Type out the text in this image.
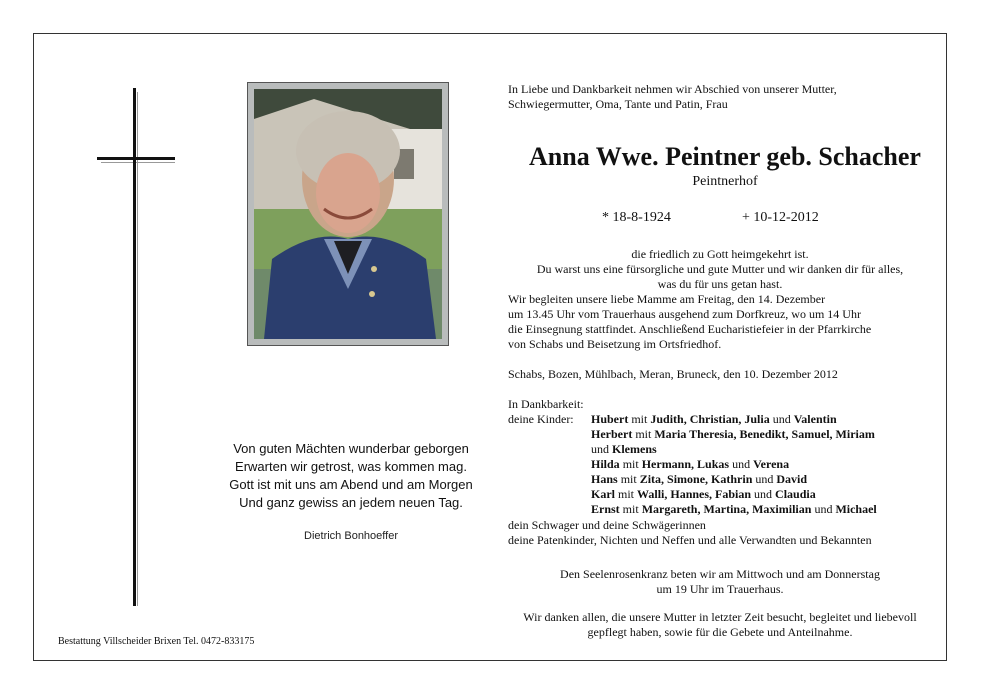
Von guten Mächten wunderbar geborgen
Erwarten wir getrost, was kommen mag.
Gott ist mit uns am Abend und am Morgen
Und ganz gewiss an jedem neuen Tag.
Dietrich Bonhoeffer
Bestattung Villscheider Brixen Tel. 0472-833175
In Liebe und Dankbarkeit nehmen wir Abschied von unserer Mutter,
Schwiegermutter, Oma, Tante und Patin, Frau
Anna Wwe. Peintner geb. Schacher
Peintnerhof
* 18-8-1924	+ 10-12-2012
die friedlich zu Gott heimgekehrt ist.
Du warst uns eine fürsorgliche und gute Mutter und wir danken dir für alles,
was du für uns getan hast.
Wir begleiten unsere liebe Mamme am Freitag, den 14. Dezember
um 13.45 Uhr vom Trauerhaus ausgehend zum Dorfkreuz, wo um 14 Uhr
die Einsegnung stattfindet. Anschließend Eucharistiefeier in der Pfarrkirche
von Schabs und Beisetzung im Ortsfriedhof.
Schabs, Bozen, Mühlbach, Meran, Bruneck, den 10. Dezember 2012
In Dankbarkeit:
deine Kinder: Hubert mit Judith, Christian, Julia und Valentin
Herbert mit Maria Theresia, Benedikt, Samuel, Miriam
und Klemens
Hilda mit Hermann, Lukas und Verena
Hans mit Zita, Simone, Kathrin und David
Karl mit Walli, Hannes, Fabian und Claudia
Ernst mit Margareth, Martina, Maximilian und Michael
dein Schwager und deine Schwägerinnen
deine Patenkinder, Nichten und Neffen und alle Verwandten und Bekannten
Den Seelenrosenkranz beten wir am Mittwoch und am Donnerstag
um 19 Uhr im Trauerhaus.
Wir danken allen, die unsere Mutter in letzter Zeit besucht, begleitet und liebevoll
gepflegt haben, sowie für die Gebete und Anteilnahme.
